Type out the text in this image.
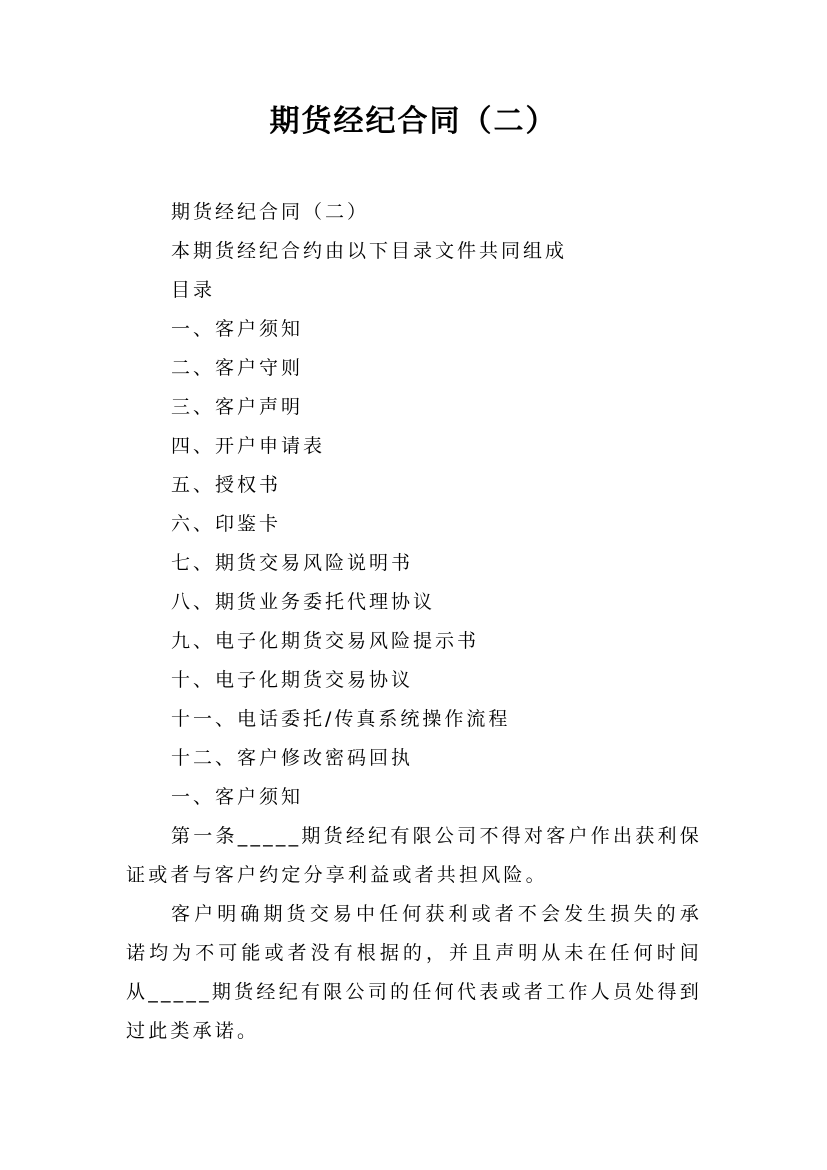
期货经纪合同（二）

期货经纪合同（二）

本期货经纪合约由以下目录文件共同组成

目录

一、客户须知

二、客户守则

三、客户声明

四、开户申请表

五、授权书

六、印鉴卡

七、期货交易风险说明书

八、期货业务委托代理协议

九、电子化期货交易风险提示书

十、电子化期货交易协议

十一、电话委托/传真系统操作流程

十二、客户修改密码回执

一、客户须知

第一条_____期货经纪有限公司不得对客户作出获利保证或者与客户约定分享利益或者共担风险。

客户明确期货交易中任何获利或者不会发生损失的承诺均为不可能或者没有根据的，并且声明从未在任何时间从_____期货经纪有限公司的任何代表或者工作人员处得到过此类承诺。
